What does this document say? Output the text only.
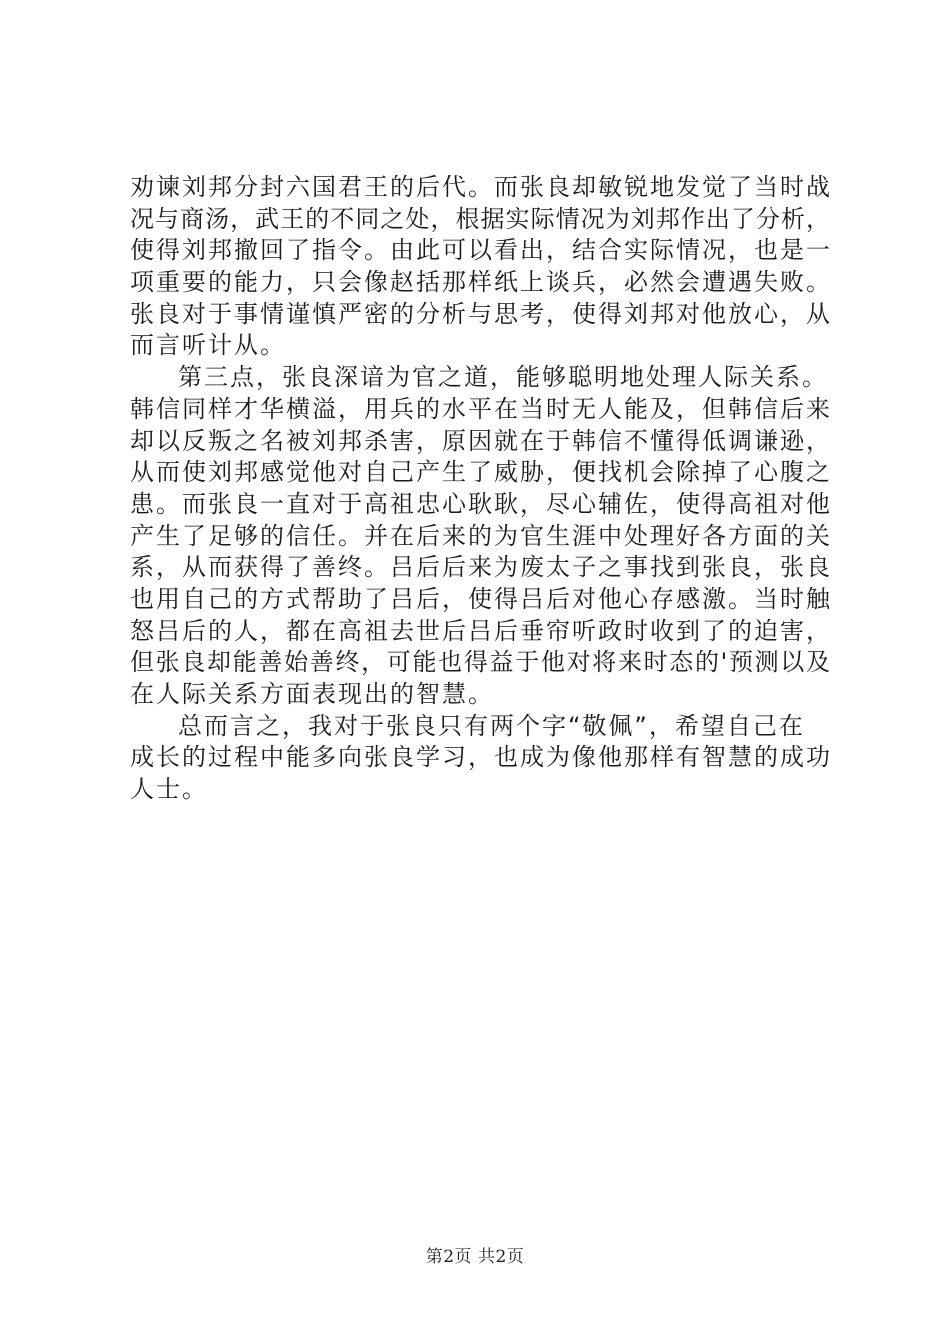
劝谏刘邦分封六国君王的后代。而张良却敏锐地发觉了当时战
况与商汤，武王的不同之处，根据实际情况为刘邦作出了分析，
使得刘邦撤回了指令。由此可以看出，结合实际情况，也是一
项重要的能力，只会像赵括那样纸上谈兵，必然会遭遇失败。
张良对于事情谨慎严密的分析与思考，使得刘邦对他放心，从
而言听计从。
第三点，张良深谙为官之道，能够聪明地处理人际关系。
韩信同样才华横溢，用兵的水平在当时无人能及，但韩信后来
却以反叛之名被刘邦杀害，原因就在于韩信不懂得低调谦逊，
从而使刘邦感觉他对自己产生了威胁，便找机会除掉了心腹之
患。而张良一直对于高祖忠心耿耿，尽心辅佐，使得高祖对他
产生了足够的信任。并在后来的为官生涯中处理好各方面的关
系，从而获得了善终。吕后后来为废太子之事找到张良，张良
也用自己的方式帮助了吕后，使得吕后对他心存感激。当时触
怒吕后的人，都在高祖去世后吕后垂帘听政时收到了的迫害，
但张良却能善始善终，可能也得益于他对将来时态的'预测以及
在人际关系方面表现出的智慧。
总而言之，我对于张良只有两个字“敬佩”，希望自己在
成长的过程中能多向张良学习，也成为像他那样有智慧的成功
人士。
第2页 共2页
